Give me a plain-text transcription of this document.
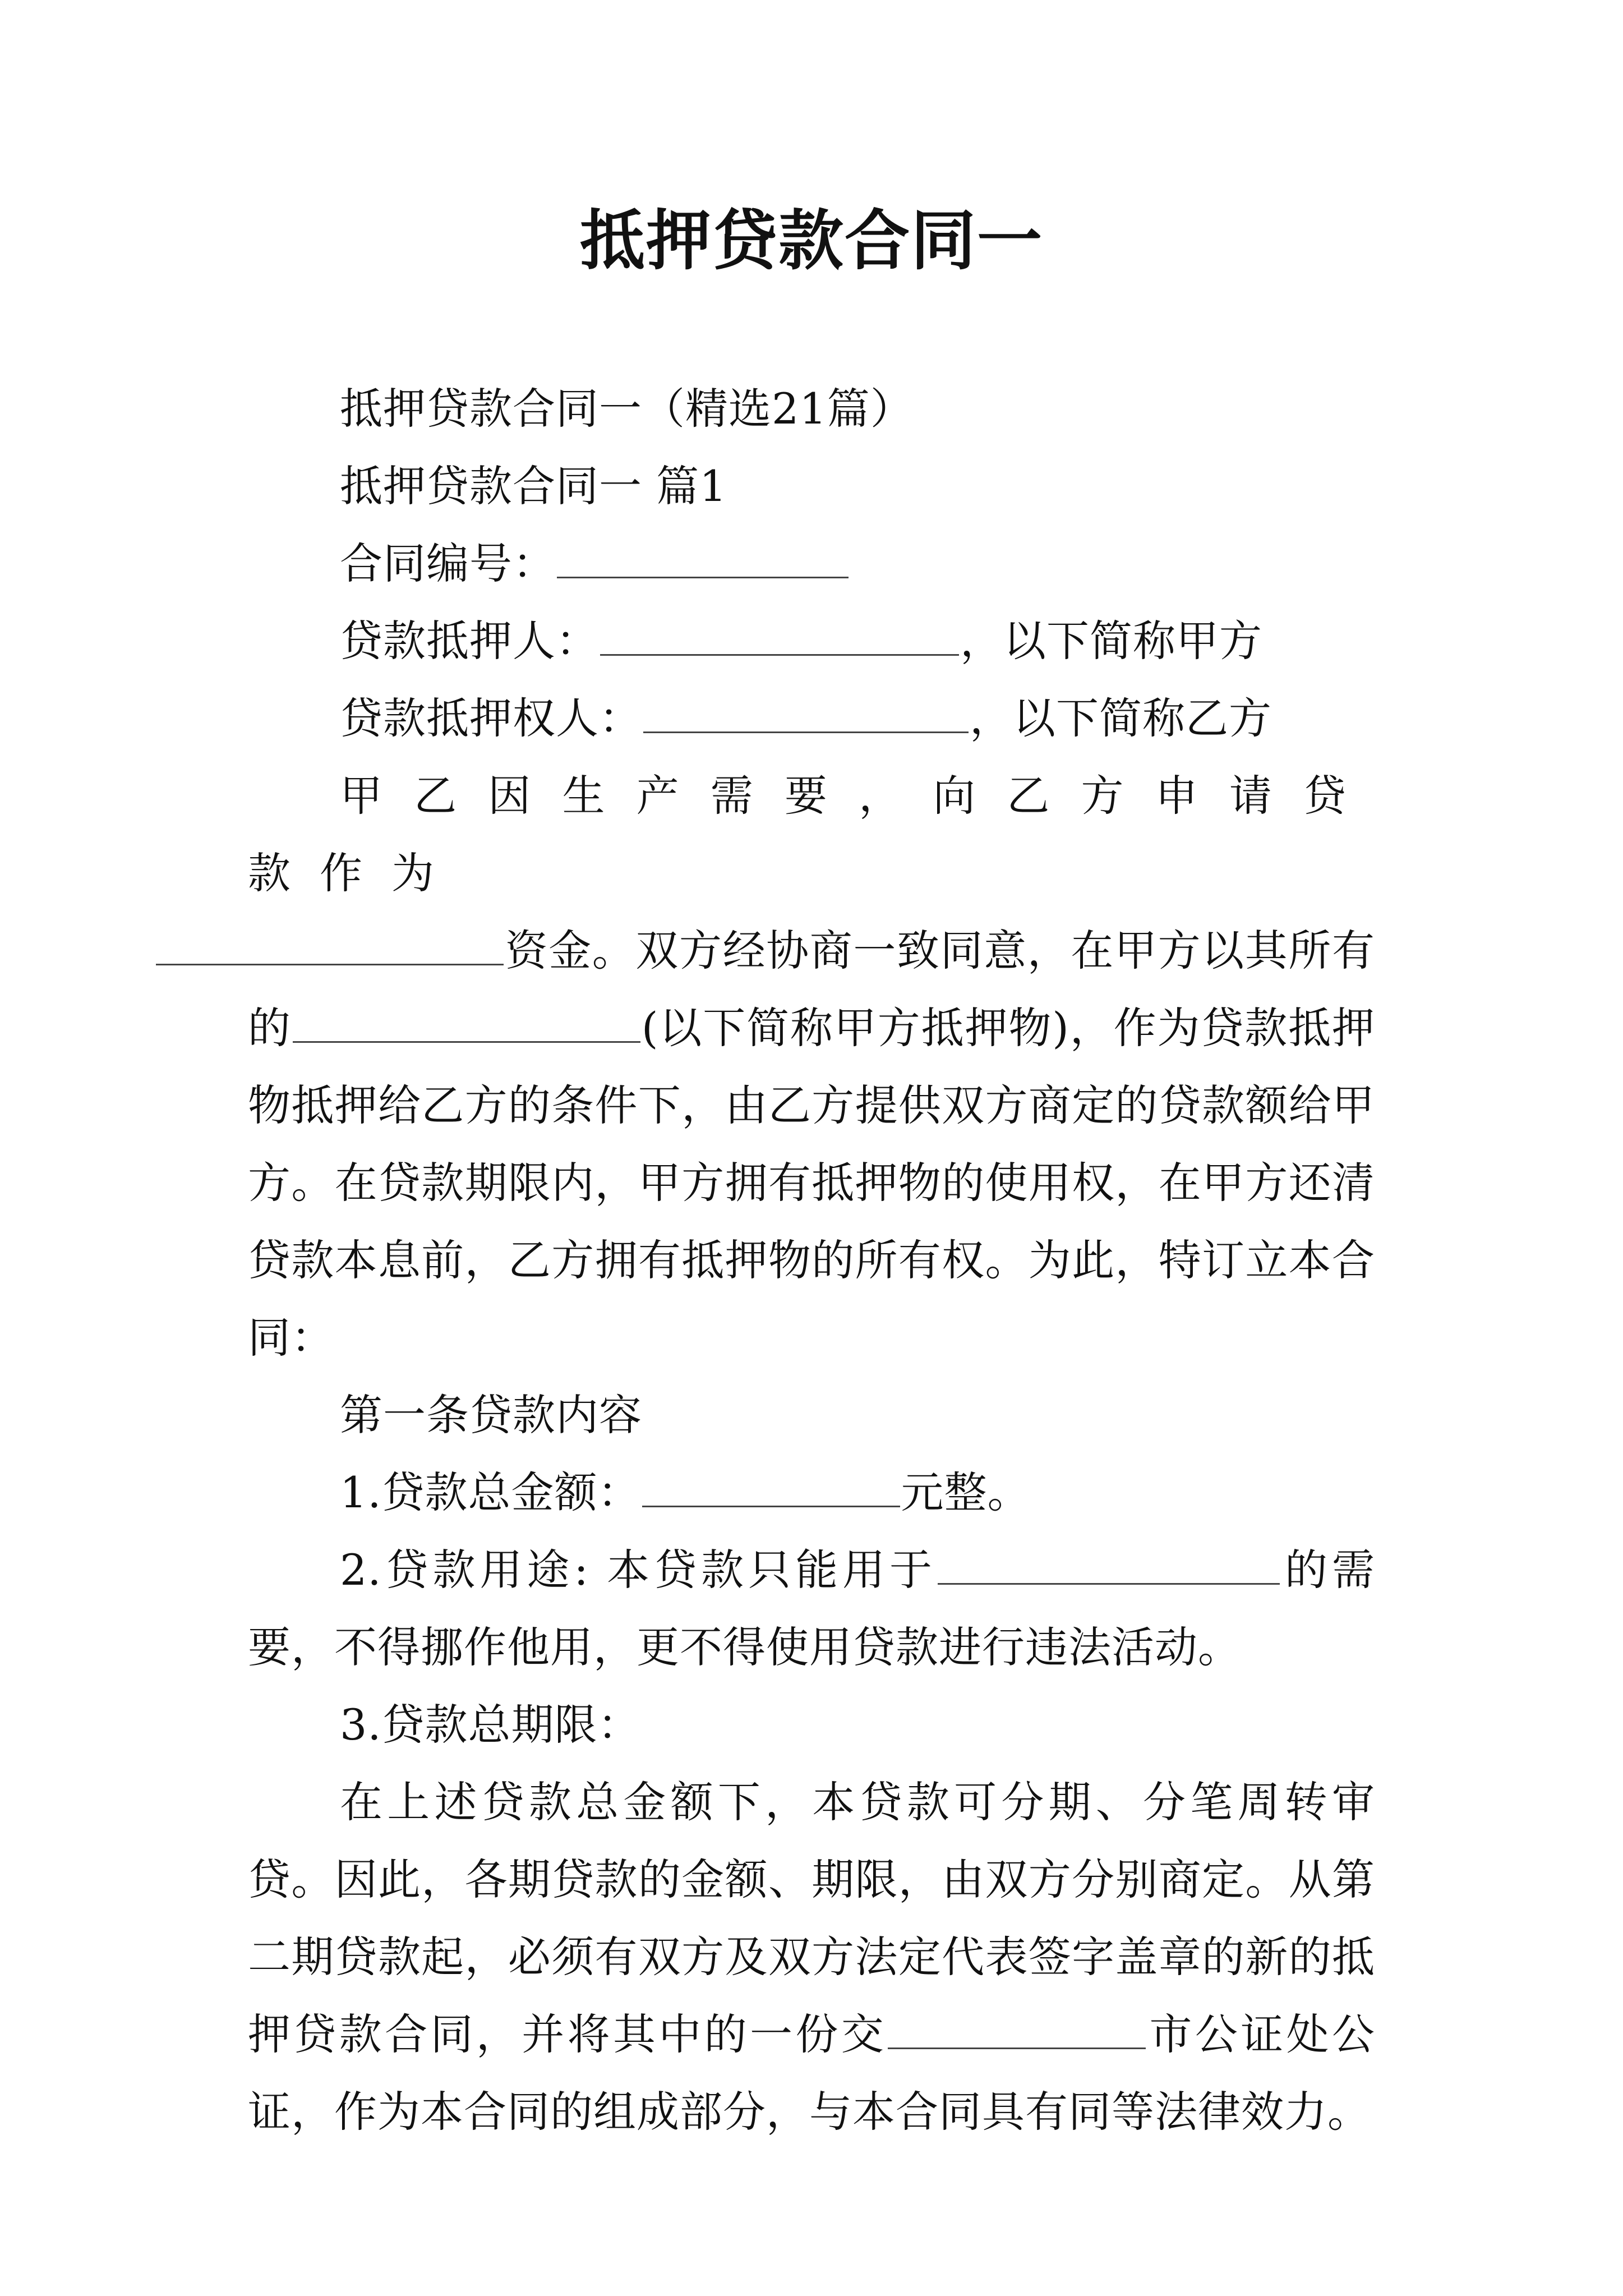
抵押贷款合同一

抵押贷款合同一（精选21篇）

抵押贷款合同一 篇1

合同编号：

贷款抵押人：	，以下简称甲方

贷款抵押权人：	，以下简称乙方

甲乙因生产需要，向乙方申请贷款作为
资金。双方经协商一致同意，在甲方以其所有的	(以下简称甲方抵押物)，作为贷款抵押物抵押给乙方的条件下，由乙方提供双方商定的贷款额给甲方。在贷款期限内，甲方拥有抵押物的使用权，在甲方还清贷款本息前，乙方拥有抵押物的所有权。为此，特订立本合同：

第一条贷款内容

1.贷款总金额：	元整。

2.贷款用途: 本贷款只能用于	的需要，不得挪作他用，更不得使用贷款进行违法活动。

3.贷款总期限：

在上述贷款总金额下，本贷款可分期、分笔周转审贷。因此，各期贷款的金额、期限，由双方分别商定。从第二期贷款起，必须有双方及双方法定代表签字盖章的新的抵押贷款合同，并将其中的一份交	市公证处公证，作为本合同的组成部分，与本合同具有同等法律效力。
